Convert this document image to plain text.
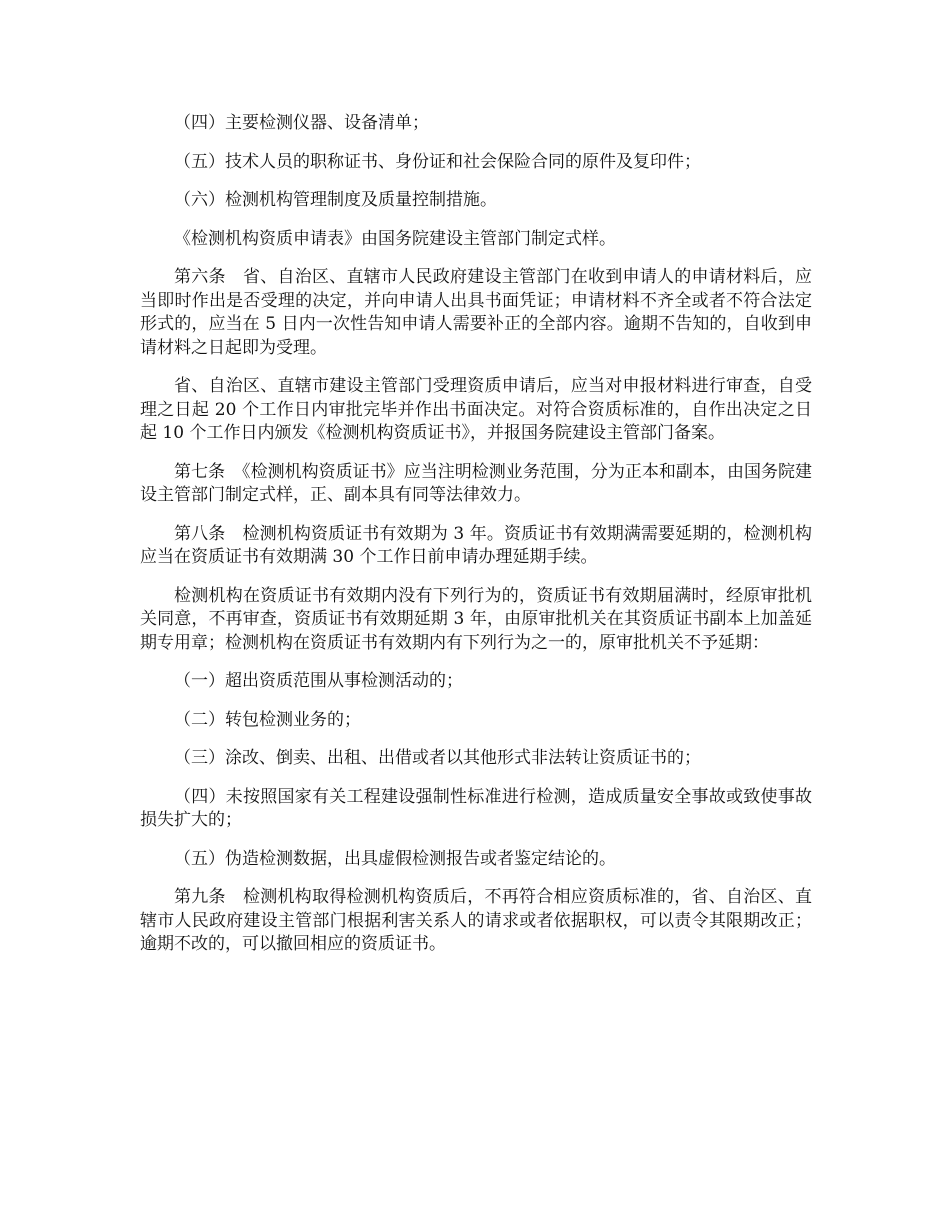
（四）主要检测仪器、设备清单；

（五）技术人员的职称证书、身份证和社会保险合同的原件及复印件；

（六）检测机构管理制度及质量控制措施。

《检测机构资质申请表》由国务院建设主管部门制定式样。

第六条　省、自治区、直辖市人民政府建设主管部门在收到申请人的申请材料后，应当即时作出是否受理的决定，并向申请人出具书面凭证；申请材料不齐全或者不符合法定形式的，应当在 5 日内一次性告知申请人需要补正的全部内容。逾期不告知的，自收到申请材料之日起即为受理。

省、自治区、直辖市建设主管部门受理资质申请后，应当对申报材料进行审查，自受理之日起 20 个工作日内审批完毕并作出书面决定。对符合资质标准的，自作出决定之日起 10 个工作日内颁发《检测机构资质证书》，并报国务院建设主管部门备案。

第七条　《检测机构资质证书》应当注明检测业务范围，分为正本和副本，由国务院建设主管部门制定式样，正、副本具有同等法律效力。

第八条　检测机构资质证书有效期为 3 年。资质证书有效期满需要延期的，检测机构应当在资质证书有效期满 30 个工作日前申请办理延期手续。

检测机构在资质证书有效期内没有下列行为的，资质证书有效期届满时，经原审批机关同意，不再审查，资质证书有效期延期 3 年，由原审批机关在其资质证书副本上加盖延期专用章；检测机构在资质证书有效期内有下列行为之一的，原审批机关不予延期：

（一）超出资质范围从事检测活动的；

（二）转包检测业务的；

（三）涂改、倒卖、出租、出借或者以其他形式非法转让资质证书的；

（四）未按照国家有关工程建设强制性标准进行检测，造成质量安全事故或致使事故损失扩大的；

（五）伪造检测数据，出具虚假检测报告或者鉴定结论的。

第九条　检测机构取得检测机构资质后，不再符合相应资质标准的，省、自治区、直辖市人民政府建设主管部门根据利害关系人的请求或者依据职权，可以责令其限期改正；逾期不改的，可以撤回相应的资质证书。
